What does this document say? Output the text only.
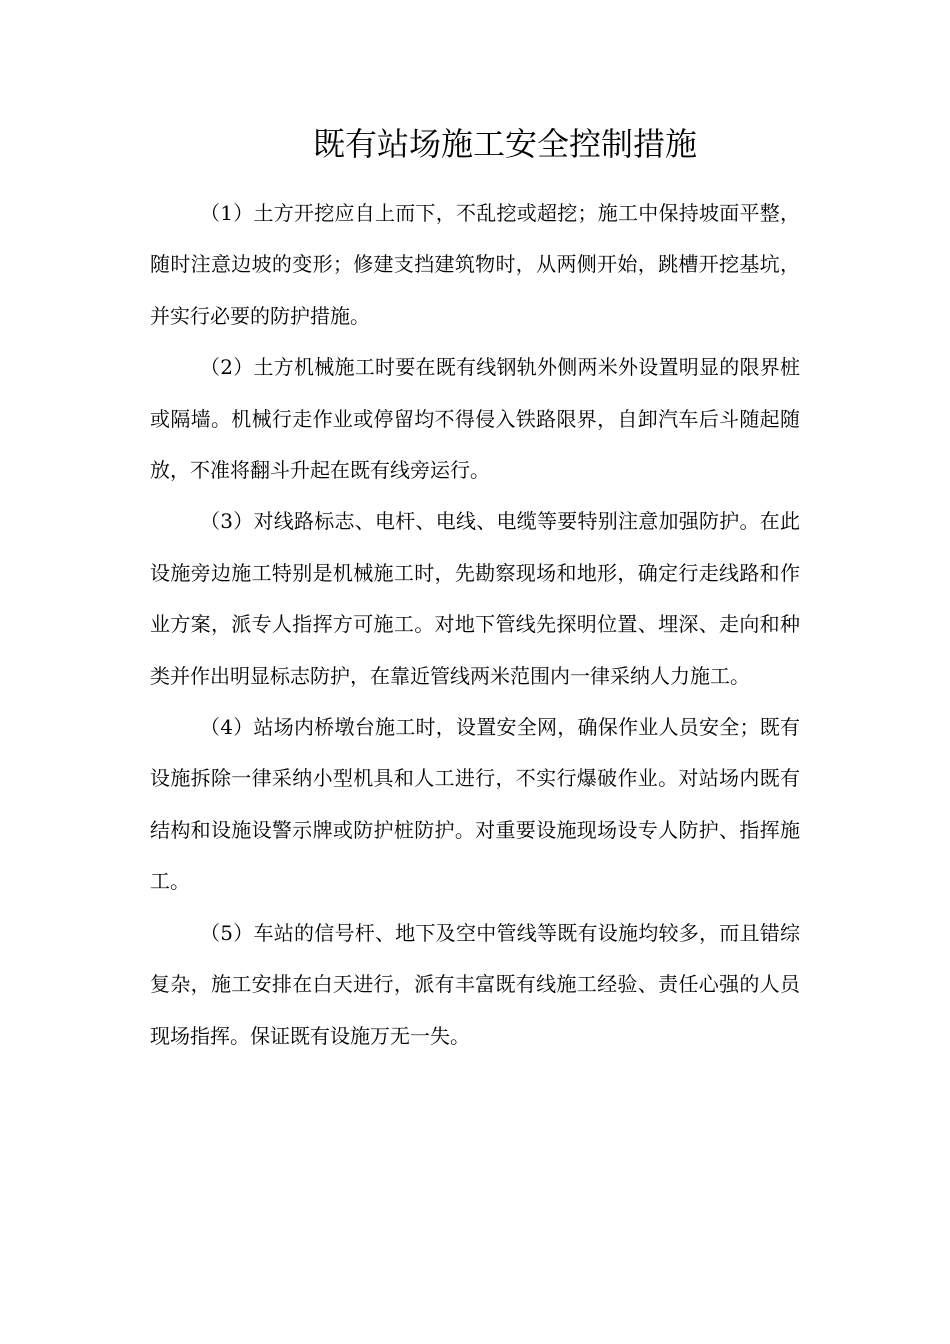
既有站场施工安全控制措施

（1）土方开挖应自上而下，不乱挖或超挖；施工中保持坡面平整，随时注意边坡的变形；修建支挡建筑物时，从两侧开始，跳槽开挖基坑，并实行必要的防护措施。

（2）土方机械施工时要在既有线钢轨外侧两米外设置明显的限界桩或隔墙。机械行走作业或停留均不得侵入铁路限界，自卸汽车后斗随起随放，不准将翻斗升起在既有线旁运行。

（3）对线路标志、电杆、电线、电缆等要特别注意加强防护。在此设施旁边施工特别是机械施工时，先勘察现场和地形，确定行走线路和作业方案，派专人指挥方可施工。对地下管线先探明位置、埋深、走向和种类并作出明显标志防护，在靠近管线两米范围内一律采纳人力施工。

（4）站场内桥墩台施工时，设置安全网，确保作业人员安全；既有设施拆除一律采纳小型机具和人工进行，不实行爆破作业。对站场内既有结构和设施设警示牌或防护桩防护。对重要设施现场设专人防护、指挥施工。

（5）车站的信号杆、地下及空中管线等既有设施均较多，而且错综复杂，施工安排在白天进行，派有丰富既有线施工经验、责任心强的人员现场指挥。保证既有设施万无一失。
